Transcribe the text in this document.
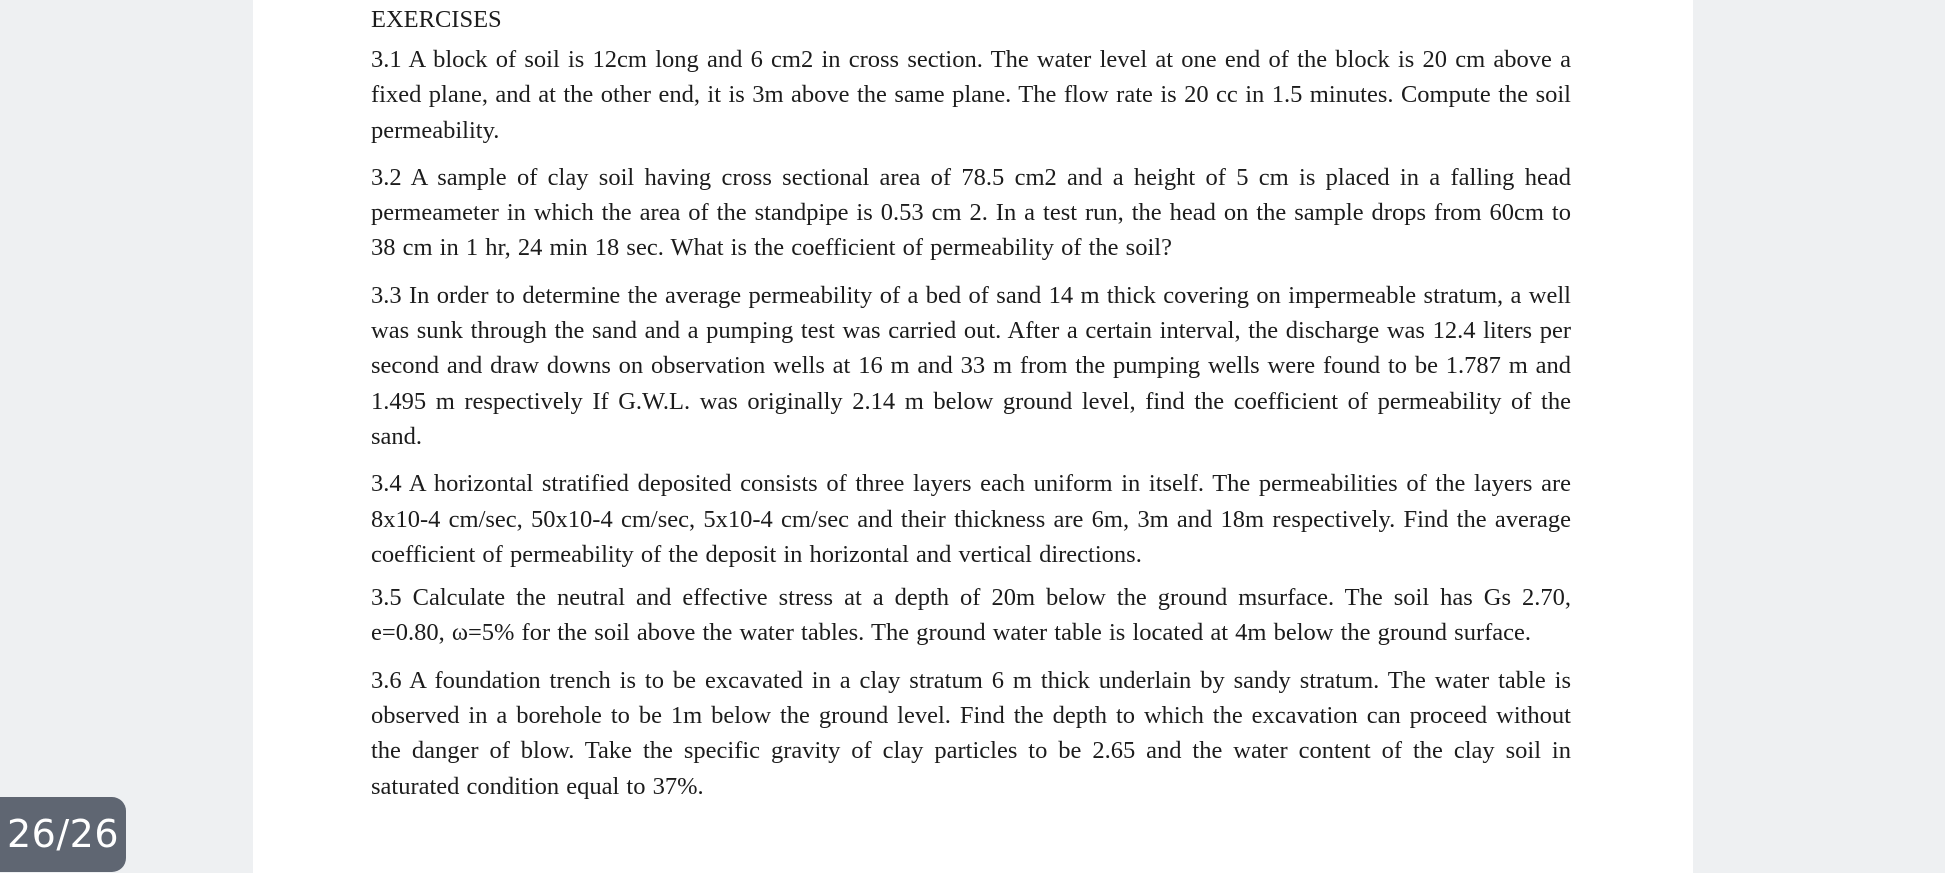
EXERCISES

3.1 A block of soil is 12cm long and 6 cm2 in cross section. The water level at one end of the block is 20 cm above a fixed plane, and at the other end, it is 3m above the same plane. The flow rate is 20 cc in 1.5 minutes. Compute the soil permeability.

3.2 A sample of clay soil having cross sectional area of 78.5 cm2 and a height of 5 cm is placed in a falling head permeameter in which the area of the standpipe is 0.53 cm 2. In a test run, the head on the sample drops from 60cm to 38 cm in 1 hr, 24 min 18 sec. What is the coefficient of permeability of the soil?

3.3 In order to determine the average permeability of a bed of sand 14 m thick covering on impermeable stratum, a well was sunk through the sand and a pumping test was carried out. After a certain interval, the discharge was 12.4 liters per second and draw downs on observation wells at 16 m and 33 m from the pumping wells were found to be 1.787 m and 1.495 m respectively If G.W.L. was originally 2.14 m below ground level, find the coefficient of permeability of the sand.

3.4 A horizontal stratified deposited consists of three layers each uniform in itself. The permeabilities of the layers are 8x10-4 cm/sec, 50x10-4 cm/sec, 5x10-4 cm/sec and their thickness are 6m, 3m and 18m respectively. Find the average coefficient of permeability of the deposit in horizontal and vertical directions.

3.5 Calculate the neutral and effective stress at a depth of 20m below the ground msurface. The soil has Gs 2.70, e=0.80, ω=5% for the soil above the water tables. The ground water table is located at 4m below the ground surface.

3.6 A foundation trench is to be excavated in a clay stratum 6 m thick underlain by sandy stratum. The water table is observed in a borehole to be 1m below the ground level. Find the depth to which the excavation can proceed without the danger of blow. Take the specific gravity of clay particles to be 2.65 and the water content of the clay soil in saturated condition equal to 37%.

26/26
